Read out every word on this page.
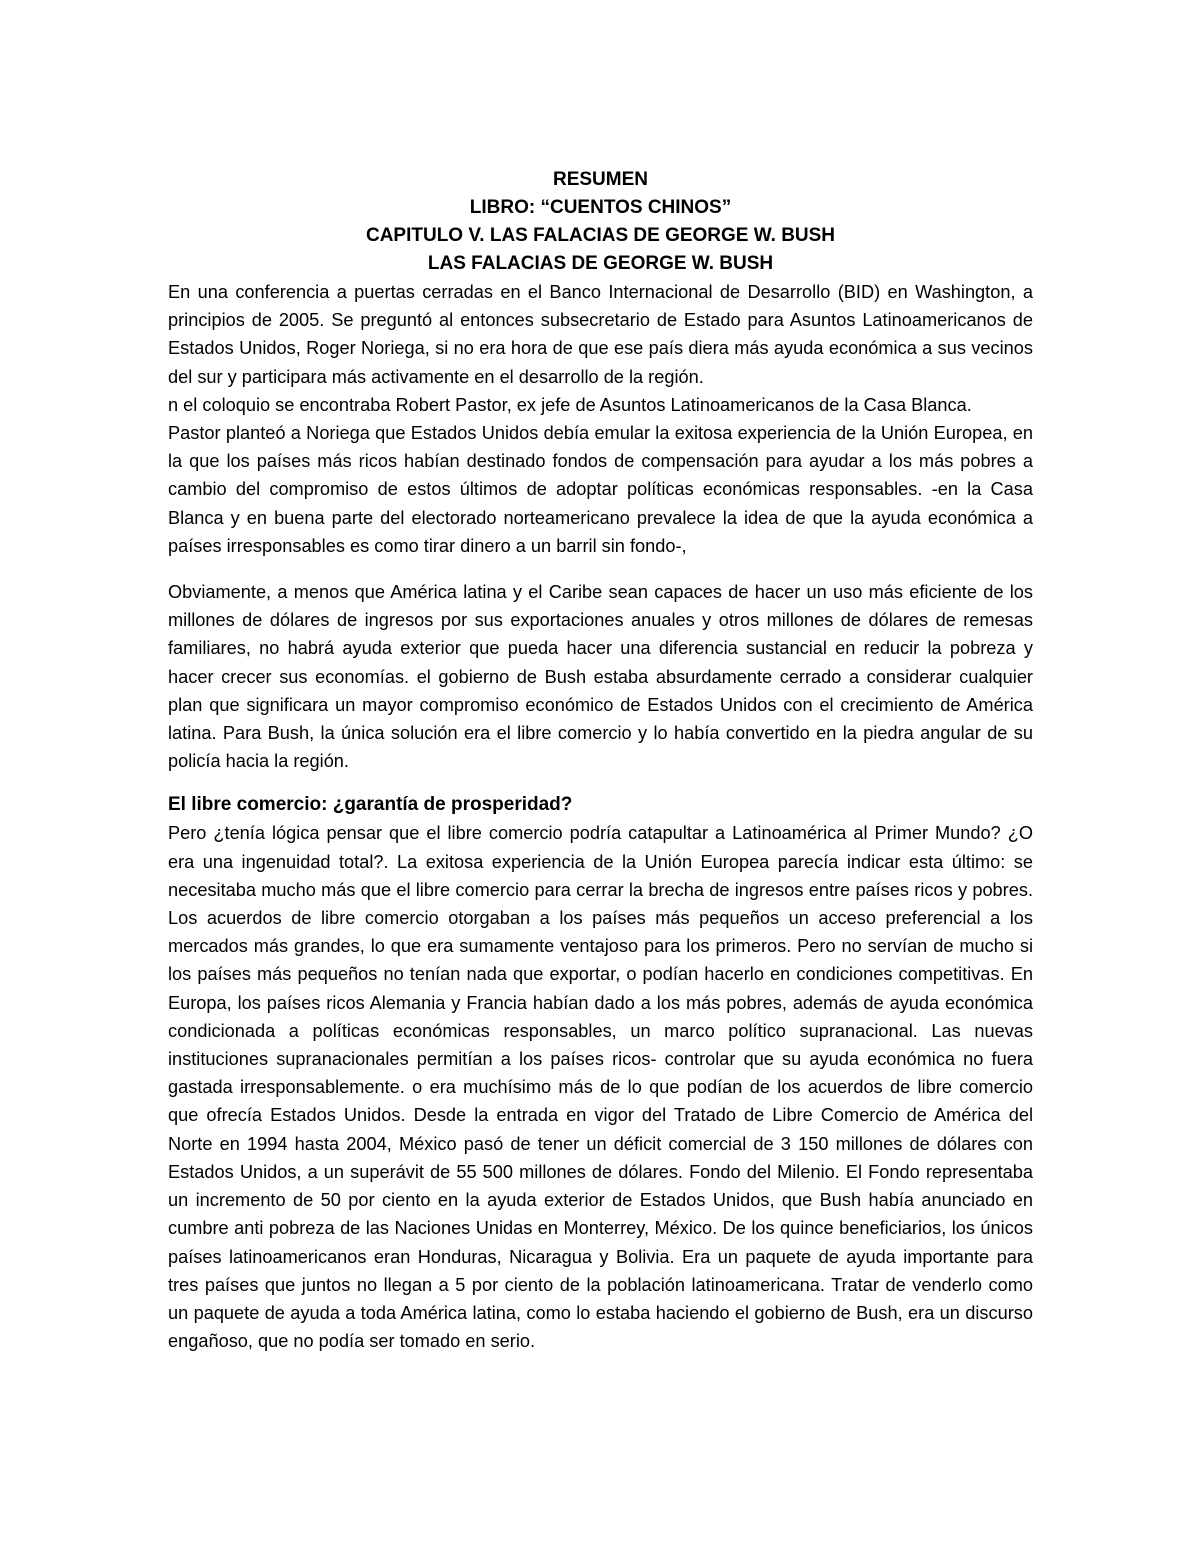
RESUMEN

LIBRO: “CUENTOS CHINOS”

CAPITULO V. LAS FALACIAS DE GEORGE W. BUSH

LAS FALACIAS DE GEORGE W. BUSH

En una conferencia a puertas cerradas en el Banco Internacional de Desarrollo (BID) en Washington, a principios de 2005. Se preguntó al entonces subsecretario de Estado para Asuntos Latinoamericanos de Estados Unidos, Roger Noriega, si no era hora de que ese país diera más ayuda económica a sus vecinos del sur y participara más activamente en el desarrollo de la región.

n el coloquio se encontraba Robert Pastor, ex jefe de Asuntos Latinoamericanos de la Casa Blanca.

Pastor planteó a Noriega que Estados Unidos debía emular la exitosa experiencia de la Unión Europea, en la que los países más ricos habían destinado fondos de compensación para ayudar a los más pobres a cambio del compromiso de estos últimos de adoptar políticas económicas responsables. -en la Casa Blanca y en buena parte del electorado norteamericano prevalece la idea de que la ayuda económica a países irresponsables es como tirar dinero a un barril sin fondo-,

Obviamente, a menos que América latina y el Caribe sean capaces de hacer un uso más eficiente de los millones de dólares de ingresos por sus exportaciones anuales y otros millones de dólares de remesas familiares, no habrá ayuda exterior que pueda hacer una diferencia sustancial en reducir la pobreza y hacer crecer sus economías. el gobierno de Bush estaba absurdamente cerrado a considerar cualquier plan que significara un mayor compromiso económico de Estados Unidos con el crecimiento de América latina. Para Bush, la única solución era el libre comercio y lo había convertido en la piedra angular de su policía hacia la región.

El libre comercio: ¿garantía de prosperidad?

Pero ¿tenía lógica pensar que el libre comercio podría catapultar a Latinoamérica al Primer Mundo? ¿O era una ingenuidad total?. La exitosa experiencia de la Unión Europea parecía indicar esta último: se necesitaba mucho más que el libre comercio para cerrar la brecha de ingresos entre países ricos y pobres. Los acuerdos de libre comercio otorgaban a los países más pequeños un acceso preferencial a los mercados más grandes, lo que era sumamente ventajoso para los primeros. Pero no servían de mucho si los países más pequeños no tenían nada que exportar, o podían hacerlo en condiciones competitivas. En Europa, los países ricos Alemania y Francia habían dado a los más pobres, además de ayuda económica condicionada a políticas económicas responsables, un marco político supranacional. Las nuevas instituciones supranacionales permitían a los países ricos- controlar que su ayuda económica no fuera gastada irresponsablemente. o era muchísimo más de lo que podían de los acuerdos de libre comercio que ofrecía Estados Unidos. Desde la entrada en vigor del Tratado de Libre Comercio de América del Norte en 1994 hasta 2004, México pasó de tener un déficit comercial de 3 150 millones de dólares con Estados Unidos, a un superávit de 55 500 millones de dólares. Fondo del Milenio. El Fondo representaba un incremento de 50 por ciento en la ayuda exterior de Estados Unidos, que Bush había anunciado en cumbre anti pobreza de las Naciones Unidas en Monterrey, México. De los quince beneficiarios, los únicos países latinoamericanos eran Honduras, Nicaragua y Bolivia. Era un paquete de ayuda importante para tres países que juntos no llegan a 5 por ciento de la población latinoamericana. Tratar de venderlo como un paquete de ayuda a toda América latina, como lo estaba haciendo el gobierno de Bush, era un discurso engañoso, que no podía ser tomado en serio.
